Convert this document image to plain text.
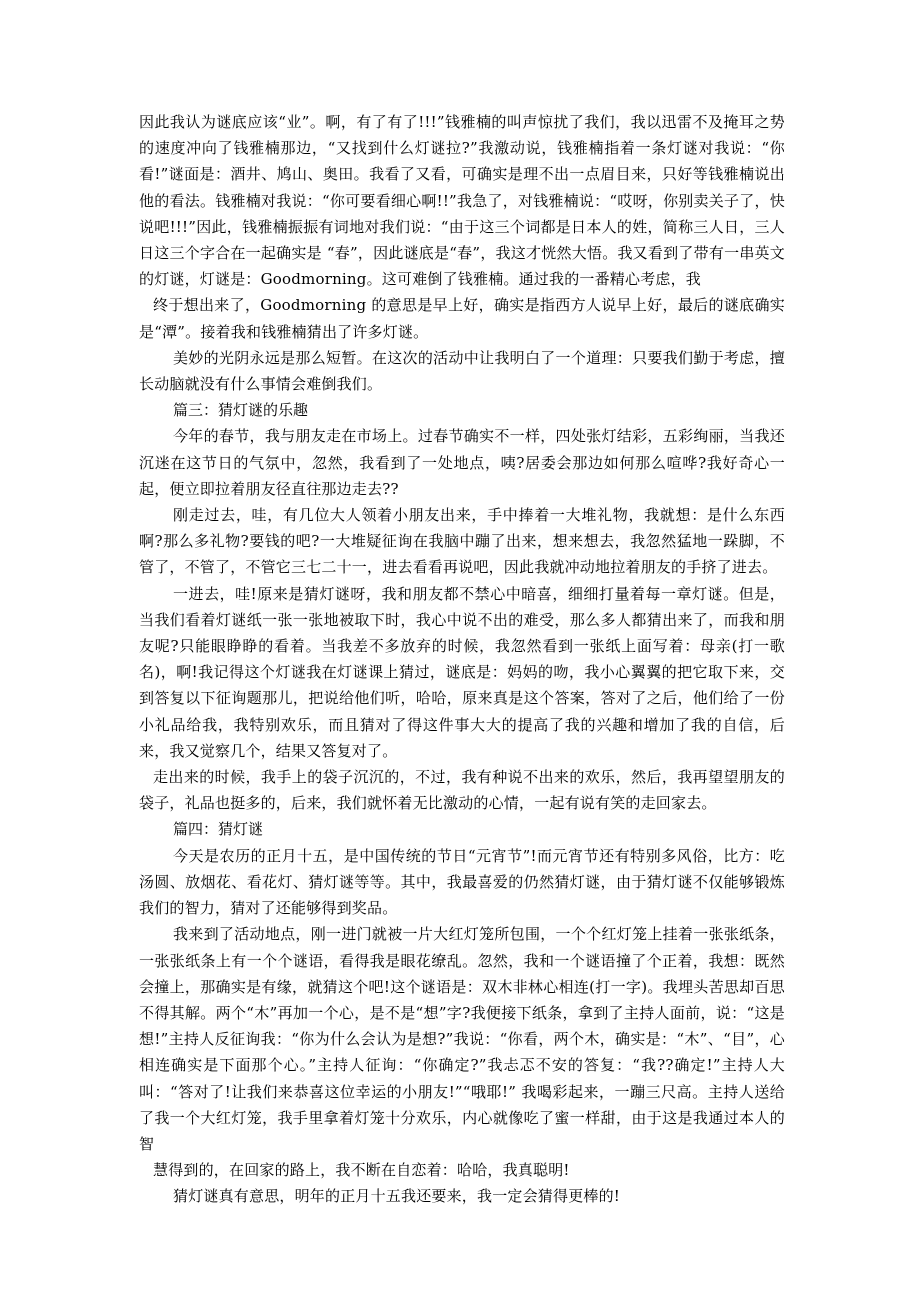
因此我认为谜底应该“业”。啊，有了有了!!!”钱雅楠的叫声惊扰了我们，我以迅雷不及掩耳之势的速度冲向了钱雅楠那边，“又找到什么灯谜拉?”我激动说，钱雅楠指着一条灯谜对我说：“你看!”谜面是：酒井、鸠山、奥田。我看了又看，可确实是理不出一点眉目来，只好等钱雅楠说出他的看法。钱雅楠对我说：“你可要看细心啊!!”我急了，对钱雅楠说：“哎呀，你别卖关子了，快说吧!!!”因此，钱雅楠振振有词地对我们说：“由于这三个词都是日本人的姓，简称三人日，三人日这三个字合在一起确实是 “春”，因此谜底是“春”，我这才恍然大悟。我又看到了带有一串英文的灯谜，灯谜是：Goodmorning。这可难倒了钱雅楠。通过我的一番精心考虑，我

终于想出来了，Goodmorning 的意思是早上好，确实是指西方人说早上好，最后的谜底确实是“潭”。接着我和钱雅楠猜出了许多灯谜。

美妙的光阴永远是那么短暂。在这次的活动中让我明白了一个道理：只要我们勤于考虑，擅长动脑就没有什么事情会难倒我们。

篇三：猜灯谜的乐趣

今年的春节，我与朋友走在市场上。过春节确实不一样，四处张灯结彩，五彩绚丽，当我还沉迷在这节日的气氛中，忽然，我看到了一处地点，咦?居委会那边如何那么喧哗?我好奇心一起，便立即拉着朋友径直往那边走去??

刚走过去，哇，有几位大人领着小朋友出来，手中捧着一大堆礼物，我就想：是什么东西啊?那么多礼物?要钱的吧?一大堆疑征询在我脑中蹦了出来，想来想去，我忽然猛地一跺脚，不管了，不管了，不管它三七二十一，进去看看再说吧，因此我就冲动地拉着朋友的手挤了进去。

一进去，哇!原来是猜灯谜呀，我和朋友都不禁心中暗喜，细细打量着每一章灯谜。但是，当我们看着灯谜纸一张一张地被取下时，我心中说不出的难受，那么多人都猜出来了，而我和朋友呢?只能眼睁睁的看着。当我差不多放弃的时候，我忽然看到一张纸上面写着：母亲(打一歌名)，啊!我记得这个灯谜我在灯谜课上猜过，谜底是：妈妈的吻，我小心翼翼的把它取下来，交到答复以下征询题那儿，把说给他们听，哈哈，原来真是这个答案，答对了之后，他们给了一份小礼品给我，我特别欢乐，而且猜对了得这件事大大的提高了我的兴趣和增加了我的自信，后来，我又觉察几个，结果又答复对了。

走出来的时候，我手上的袋子沉沉的，不过，我有种说不出来的欢乐，然后，我再望望朋友的袋子，礼品也挺多的，后来，我们就怀着无比激动的心情，一起有说有笑的走回家去。

篇四：猜灯谜

今天是农历的正月十五，是中国传统的节日“元宵节”!而元宵节还有特别多风俗，比方：吃汤圆、放烟花、看花灯、猜灯谜等等。其中，我最喜爱的仍然猜灯谜，由于猜灯谜不仅能够锻炼我们的智力，猜对了还能够得到奖品。

我来到了活动地点，刚一进门就被一片大红灯笼所包围，一个个红灯笼上挂着一张张纸条，一张张纸条上有一个个谜语，看得我是眼花缭乱。忽然，我和一个谜语撞了个正着，我想：既然会撞上，那确实是有缘，就猜这个吧!这个谜语是：双木非林心相连(打一字)。我埋头苦思却百思不得其解。两个“木”再加一个心，是不是“想”字?我便接下纸条，拿到了主持人面前，说：“这是想!”主持人反征询我：“你为什么会认为是想?”我说：“你看，两个木，确实是：“木”、“目”，心相连确实是下面那个心。”主持人征询：“你确定?”我忐忑不安的答复：“我??确定!”主持人大叫：“答对了!让我们来恭喜这位幸运的小朋友!”“哦耶!” 我喝彩起来，一蹦三尺高。主持人送给了我一个大红灯笼，我手里拿着灯笼十分欢乐，内心就像吃了蜜一样甜，由于这是我通过本人的智

慧得到的，在回家的路上，我不断在自恋着：哈哈，我真聪明!

猜灯谜真有意思，明年的正月十五我还要来，我一定会猜得更棒的!
